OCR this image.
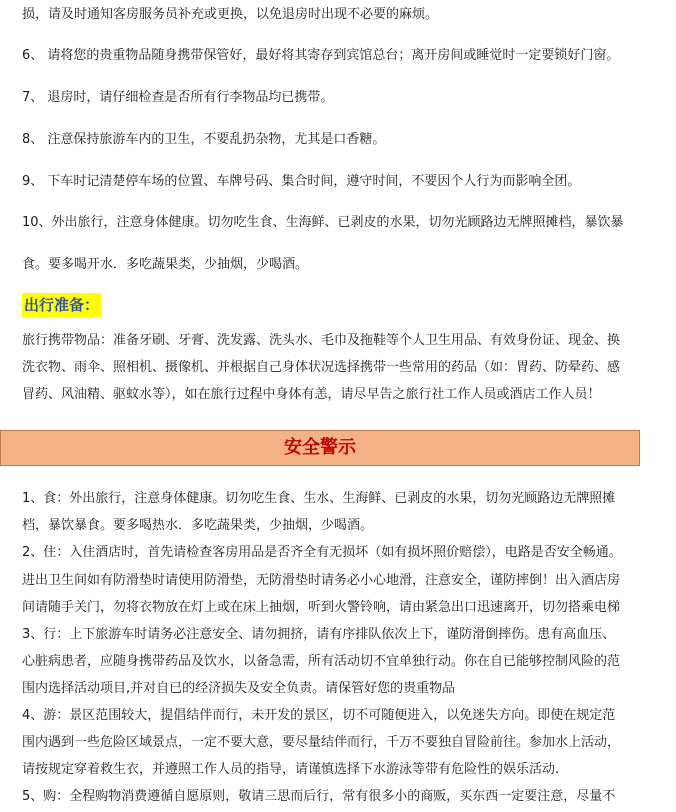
损，请及时通知客房服务员补充或更换，以免退房时出现不必要的麻烦。
6、 请将您的贵重物品随身携带保管好，最好将其寄存到宾馆总台；离开房间或睡觉时一定要锁好门窗。
7、 退房时，请仔细检查是否所有行李物品均已携带。
8、 注意保持旅游车内的卫生，不要乱扔杂物，尤其是口香糖。
9、 下车时记清楚停车场的位置、车牌号码、集合时间，遵守时间，不要因个人行为而影响全团。
10、外出旅行，注意身体健康。切勿吃生食、生海鲜、已剥皮的水果，切勿光顾路边无牌照摊档，暴饮暴
食。要多喝开水．多吃蔬果类，少抽烟，少喝酒。
出行准备：
旅行携带物品：准备牙刷、牙膏、洗发露、洗头水、毛巾及拖鞋等个人卫生用品、有效身份证、现金、换
洗衣物、雨伞、照相机、摄像机、并根据自己身体状况选择携带一些常用的药品（如：胃药、防晕药、感
冒药、风油精、驱蚊水等），如在旅行过程中身体有恙，请尽早告之旅行社工作人员或酒店工作人员！
安全警示
1、食：外出旅行，注意身体健康。切勿吃生食、生水、生海鲜、已剥皮的水果，切勿光顾路边无牌照摊
档，暴饮暴食。要多喝热水．多吃蔬果类，少抽烟，少喝酒。
2、住：入住酒店时，首先请检查客房用品是否齐全有无损坏（如有损坏照价赔偿），电路是否安全畅通。
进出卫生间如有防滑垫时请使用防滑垫，无防滑垫时请务必小心地滑，注意安全，谨防摔倒！出入酒店房
间请随手关门，勿将衣物放在灯上或在床上抽烟，听到火警铃响，请由紧急出口迅速离开，切勿搭乘电梯
3、行：上下旅游车时请务必注意安全、请勿拥挤，请有序排队依次上下，谨防滑倒摔伤。患有高血压、
心脏病患者，应随身携带药品及饮水，以备急需，所有活动切不宜单独行动。你在自已能够控制风险的范
围内选择活动项目,并对自已的经济损失及安全负责。请保管好您的贵重物品
4、游：景区范围较大，提倡结伴而行，未开发的景区，切不可随便进入，以免迷失方向。即使在规定范
围内遇到一些危险区域景点，一定不要大意，要尽量结伴而行，千万不要独自冒险前往。参加水上活动，
请按规定穿着救生衣，并遵照工作人员的指导，请谨慎选择下水游泳等带有危险性的娱乐活动.
5、购：全程购物消费遵循自愿原则，敬请三思而后行，常有很多小的商贩，买东西一定要注意，尽量不
